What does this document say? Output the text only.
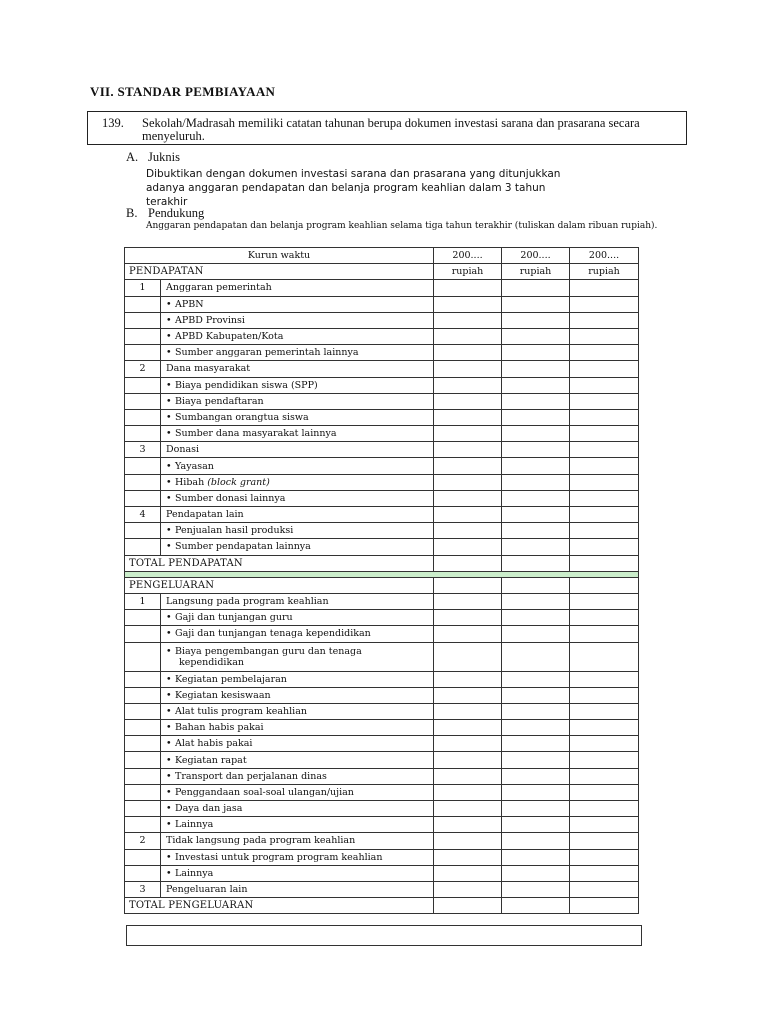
VII. STANDAR PEMBIAYAAN
139. Sekolah/Madrasah memiliki catatan tahunan berupa dokumen investasi sarana dan prasarana secara menyeluruh.
A. Juknis
Dibuktikan dengan dokumen investasi sarana dan prasarana yang ditunjukkan adanya anggaran pendapatan dan belanja program keahlian dalam 3 tahun terakhir
B. Pendukung
Anggaran pendapatan dan belanja program keahlian selama tiga tahun terakhir (tuliskan dalam ribuan rupiah).
Kurun waktu		200....	200....	200....
PENDAPATAN		rupiah	rupiah	rupiah
1	Anggaran pemerintah			
	• APBN			
	• APBD Provinsi			
	• APBD Kabupaten/Kota			
	• Sumber anggaran pemerintah lainnya			
2	Dana masyarakat			
	• Biaya pendidikan siswa (SPP)			
	• Biaya pendaftaran			
	• Sumbangan orangtua siswa			
	• Sumber dana masyarakat lainnya			
3	Donasi			
	• Yayasan			
	• Hibah (block grant)			
	• Sumber donasi lainnya			
4	Pendapatan lain			
	• Penjualan hasil produksi			
	• Sumber pendapatan lainnya			
TOTAL PENDAPATAN				

PENGELUARAN				
1	Langsung pada program keahlian			
	• Gaji dan tunjangan guru			
	• Gaji dan tunjangan tenaga kependidikan			
	• Biaya pengembangan guru dan tenaga
kependidikan			

	• Kegiatan pembelajaran			
	• Kegiatan kesiswaan			
	• Alat tulis program keahlian			
	• Bahan habis pakai			
	• Alat habis pakai			
	• Kegiatan rapat			
	• Transport dan perjalanan dinas			
	• Penggandaan soal-soal ulangan/ujian			
	• Daya dan jasa			
	• Lainnya			
2	Tidak langsung pada program keahlian			
	• Investasi untuk program program keahlian			
	• Lainnya			
3	Pengeluaran lain			
TOTAL PENGELUARAN				
